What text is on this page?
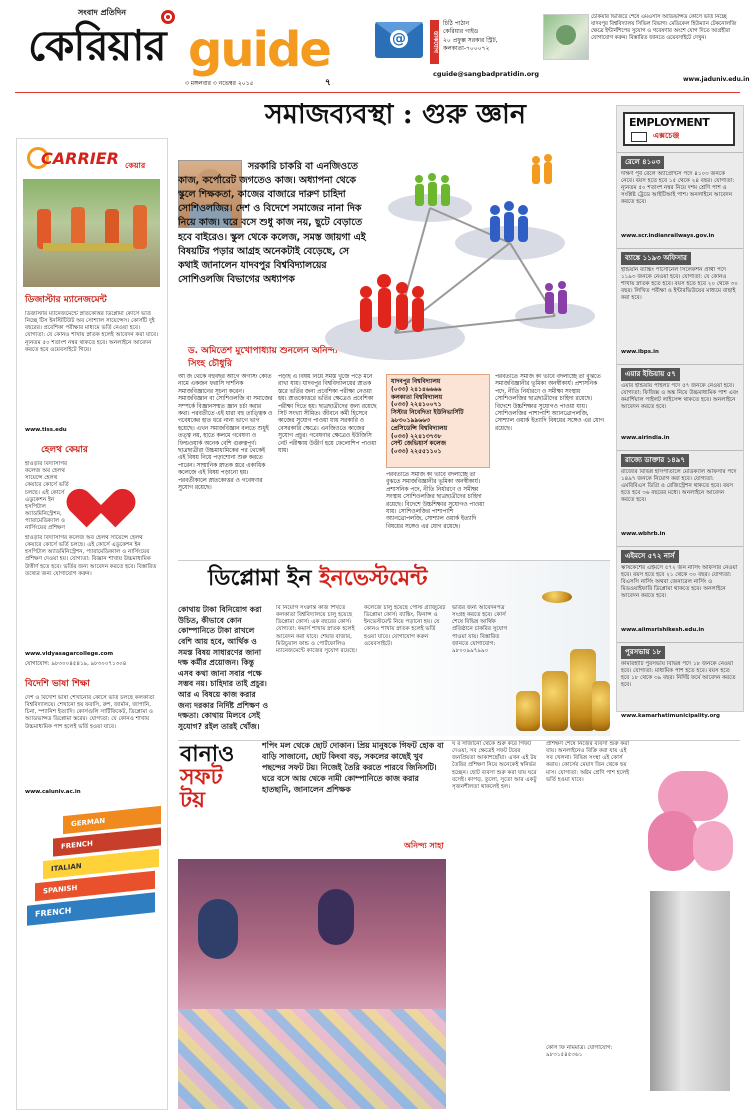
সংবাদ প্রতিদিন
কেরিয়ার guide
৩ ম়ঙ্গলবার ৩ নভেম্বর ২০১৫	৭
@	ডাকযোগ
চিঠি পাঠান
কেরিয়ার গাইড
২০ প্রফুল্ল সরকার স্ট্রিট,
কলকাতা-৭০০০৭২
cguide@sangbadpratidin.org
চেকিয়ার ভিজিটে শেষে এমএসসি অ্যাডভান্সড কোর্সে ভর্তি নিচ্ছে যাদবপুর বিশ্ববিদ্যালয় সিভিল বিভাগ। মেডিকেল হিউম্যান টেকনোলজি ক্ষেত্রে ইন্টার্নশিপের সুযোগ ও গবেষণার অংশে যোগ দিতে আগ্রহীরা যোগাযোগ করুন। বিস্তারিত জানতে ওয়েবসাইটে দেখুন।
www.jaduniv.edu.in
CARRIER কেয়ার
ডিজাস্টার ম্যানেজমেন্ট
ডিজাস্টার ম্যানেজমেন্টে স্নাতকোত্তর ডিপ্লোমা কোর্সে ভর্তি নিচ্ছে টিস ইনস্টিটিউট অব সোশ্যাল সায়েন্সেস। কোর্সটি দুই বছরের। প্রবেশিকা পরীক্ষার মাধ্যমে ভর্তি নেওয়া হবে। যোগ্যতা: যে কোনও শাখায় স্নাতক হলেই আবেদন করা যাবে। ন্যূনতম ৫০ শতাংশ নম্বর থাকতে হবে। অনলাইনে আবেদন করতে হবে ওয়েবসাইটে গিয়ে।
www.tiss.edu
হেলথ কেয়ার
হাওড়ার বিদ্যাসাগর কলেজ অব হেলথ সায়েন্সে হেলথ কেয়ারে কোর্সে ভর্তি চলছে। এই কোর্সে এডুকেশন ইন হসপিটাল অ্যাডমিনিস্ট্রেশন, প্যারামেডিক্যাল ও নার্সিংয়ের প্রশিক্ষণ
হাওড়ার বিদ্যাসাগর কলেজ অব হেলথ সায়েন্সে হেলথ কেয়ারে কোর্সে ভর্তি চলছে। এই কোর্সে এডুকেশন ইন হসপিটাল অ্যাডমিনিস্ট্রেশন, প্যারামেডিক্যাল ও নার্সিংয়ের প্রশিক্ষণ দেওয়া হয়। যোগ্যতা: বিজ্ঞান শাখায় উচ্চমাধ্যমিক উত্তীর্ণ হতে হবে। ভর্তির জন্য আবেদন করতে হবে। বিস্তারিত তথ্যের জন্য যোগাযোগ করুন।
www.vidyasagarcollege.com
যোগাযোগ: ৯৮৩০০৪৫৪১৯, ৯৮৩০০৭১৩০৪
বিদেশি ভাষা শিক্ষা
দেশ ও বিদেশি ভাষা শেখানোর কোর্সে ভর্তি চলছে কলকাতা বিশ্ববিদ্যালয়ে। শেখানো হয় ফরাসি, রুশ, জার্মান, জাপানি, চিনা, স্প্যানিশ ইত্যাদি। কোর্সগুলি সার্টিফিকেট, ডিপ্লোমা ও অ্যাডভান্সড ডিপ্লোমা স্তরের। যোগ্যতা: যে কোনও শাখায় উচ্চমাধ্যমিক পাশ হলেই ভর্তি হওয়া যাবে।
www.caluniv.ac.in
GERMAN
FRENCH
ITALIAN
SPANISH
FRENCH
সমাজব্যবস্থা : গুরু জ্ঞান
সরকারি চাকরি বা এনজিওতে কাজ, কর্পোরেট জগতেও কাজ। অধ্যাপনা থেকে স্কুলে শিক্ষকতা, কাজের বাজারে দারুণ চাহিদা সোশিওলজির। দেশ ও বিদেশে সমাজের নানা দিক নিয়ে কাজ। ঘরে বসে শুধু কাজ নয়, ছুটে বেড়াতে হবে বাইরেও। স্কুল থেকে কলেজ, সমস্ত জায়গা এই বিষয়টির পড়ার আগ্রহ অনেকটাই বেড়েছে, সে কথাই জানালেন যাদবপুর বিশ্ববিদ্যালয়ের সোশিওলজি বিভাগের অধ্যাপক
ড. অমিতেশ মুখোপাধ্যায় শুনলেন অনিন্দ্য সিংহ চৌধুরি
আ জ থেকে বহুবছর আগে অগাস্ট কোঁত নামে একজন ফরাসি দার্শনিক সমাজবিজ্ঞানের সূচনা করেন। সমাজবিজ্ঞান বা সোশিওলজি বা সমাজের সম্পর্কে বিজ্ঞানসম্মত জ্ঞান চর্চা করার কথা। পরবর্তীতে এই ধারা বহু তাত্ত্বিক ও গবেষকের হাত ধরে নানা ভাগে ভাগ হয়েছে। এখন সমাজবিজ্ঞান বলতে শুধুই তত্ত্ব নয়, হাতে কলমে গবেষণা ও ফিল্ডওয়ার্ক অনেক বেশি গুরুত্বপূর্ণ। ছাত্রছাত্রীরা উচ্চমাধ্যমিকের পর থেকেই এই বিষয় নিয়ে পড়াশোনা শুরু করতে পারেন। সাম্মানিক স্নাতক স্তরে একাধিক কলেজে এই বিষয় পড়ানো হয়। পরবর্তীকালে স্নাতকোত্তর ও গবেষণার সুযোগ রয়েছে।
পড়াই এ বিষয় নিয়ে সমস্ত খুঁজে পড়ে মনে রাখা যায়। যাদবপুর বিশ্ববিদ্যালয়ের স্নাতক স্তরে ভর্তির জন্য প্রবেশিকা পরীক্ষা নেওয়া হয়। স্নাতকোত্তরে ভর্তির ক্ষেত্রেও প্রবেশিকা পরীক্ষা দিতে হয়। ছাত্রছাত্রীদের জন্য রয়েছে সিট সংখ্যা সীমিত। জীবনে কর্মী হিসেবে কাজের সুযোগ পাওয়া যায় সরকারি ও বেসরকারি ক্ষেত্রে। এনজিওতে কাজের সুযোগ প্রচুর। গবেষণার ক্ষেত্রেও ইউজিসি নেট পরীক্ষায় উত্তীর্ণ হয়ে ফেলোশিপ পাওয়া যায়।
যাদবপুর বিশ্ববিদ্যালয়
(০৩৩) ২৪১৪৬৬৬৬
কলকাতা বিশ্ববিদ্যালয়
(০৩৩) ২২৪১০০৭১
সিস্টার নিবেদিতা ইউনিভার্সিটি
৯৮৩০১৯৯৬৬৩
প্রেসিডেন্সি বিশ্ববিদ্যালয়
(০৩৩) ২২৪১৩৭৩৮
সেন্ট জেভিয়ার্স কলেজ
(০৩৩) ২২৫৫১১০১
পরবর্তীতে সমাজ কী ভাবে বদলাচ্ছে তা বুঝতে সমাজবিজ্ঞানীর ভূমিকা অনস্বীকার্য। প্রশাসনিক পদে, নীতি নির্ধারণে ও সমীক্ষা সংস্থায় সোশিওলজির ছাত্রছাত্রীদের চাহিদা রয়েছে। বিদেশে উচ্চশিক্ষার সুযোগও পাওয়া যায়। সোশিওলজির পাশাপাশি অ্যানথ্রোপলজি, সোশ্যাল ওয়ার্ক ইত্যাদি বিষয়ের সঙ্গেও এর যোগ রয়েছে।
পরবর্তীতে সমাজ কী ভাবে বদলাচ্ছে তা বুঝতে সমাজবিজ্ঞানীর ভূমিকা অনস্বীকার্য। প্রশাসনিক পদে, নীতি নির্ধারণে ও সমীক্ষা সংস্থায় সোশিওলজির ছাত্রছাত্রীদের চাহিদা রয়েছে। বিদেশে উচ্চশিক্ষার সুযোগও পাওয়া যায়। সোশিওলজির পাশাপাশি অ্যানথ্রোপলজি, সোশ্যাল ওয়ার্ক ইত্যাদি বিষয়ের সঙ্গেও এর যোগ রয়েছে।
EMPLOYMENT
এক্সচেঞ্জ
রেলে ৪১০৩
দক্ষিণ পূর্ব রেলে অ্যাপ্রেন্টিস পদে ৪১০৩ জনকে নেবে। বয়স হতে হবে ১৫ থেকে ২৪ বছর। যোগ্যতা: ন্যূনতম ৫০ শতাংশ নম্বর নিয়ে দশম শ্রেণি পাশ ও সংশ্লিষ্ট ট্রেডে আইটিআই পাশ। অনলাইনে আবেদন করতে হবে।
www.scr.indianrailways.gov.in
ব্যাঙ্কে ১১৯৩ অফিসার
ইন্ডিয়ান ব্যাঙ্কিং পার্সোনেল সিলেকশন প্রার্থী পদে ১১৯৩ জনকে নেওয়া হবে। যোগ্যতা: যে কোনও শাখায় স্নাতক হতে হবে। বয়স হতে হবে ২০ থেকে ৩০ বছর। লিখিত পরীক্ষা ও ইন্টারভিউয়ের মাধ্যমে বাছাই করা হবে।
www.ibps.in
এয়ার ইন্ডিয়ায় ৫৭
এয়ার ইন্ডিয়ায় পাইলট পদে ৫৭ জনকে নেওয়া হবে। যোগ্যতা: ফিজিক্স ও অঙ্ক নিয়ে উচ্চমাধ্যমিক পাশ এবং কমার্শিয়াল পাইলট লাইসেন্স থাকতে হবে। অনলাইনে আবেদন করতে হবে।
www.airindia.in
রাজ্যে ডাক্তার ১৪৯৭
রাজ্যের বিভিন্ন হাসপাতালে মেডিক্যাল অফিসার পদে ১৪৯৭ জনকে নিয়োগ করা হবে। যোগ্যতা: এমবিবিএস ডিগ্রি ও রেজিস্ট্রেশন থাকতে হবে। বয়স হতে হবে ৩৬ বছরের মধ্যে। অনলাইনে আবেদন করতে হবে।
www.wbhrb.in
এইমসে ৫৭২ নার্স
ঋষিকেশের এইমসে ৫৭২ জন নার্সিং অফিসার নেওয়া হবে। বয়স হতে হবে ২১ থেকে ৩০ বছর। যোগ্যতা: বিএসসি নার্সিং অথবা জেনারেল নার্সিং ও মিডওয়াইফারি ডিপ্লোমা থাকতে হবে। অনলাইনে আবেদন করতে হবে।
www.aiimsrishikesh.edu.in
পুরসভায় ১৮
কামারহাটি পুরসভায় বিভিন্ন পদে ১৮ জনকে নেওয়া হবে। যোগ্যতা: মাধ্যমিক পাশ হতে হবে। বয়স হতে হবে ১৮ থেকে ৩৯ বছর। নির্দিষ্ট ফর্মে আবেদন করতে হবে।
www.kamarhatimunicipality.org
ডিপ্লোমা ইন ইনভেস্টমেন্ট
কোথায় টাকা বিনিয়োগ করা উচিত, কীভাবে কোন কোম্পানিতে টাকা রাখলে বেশি আয় হবে, আর্থিক ও সমস্ত বিষয় সাধারণের জানা দক্ষ কর্মীর প্রয়োজন। কিন্তু এসব কথা জানা সবার পক্ষে সম্ভব নয়। চাহিদার তাই প্রচুর। আর এ বিষয়ে কাজ করার জন্য দরকার নির্দিষ্ট প্রশিক্ষণ ও দক্ষতা। কোথায় মিলবে সেই সুযোগ? রইল তারই খোঁজ।
বি নিয়োগ সংক্রান্ত কাজ শিখতে কলকাতা বিশ্ববিদ্যালয়ে চালু হয়েছে ডিপ্লোমা কোর্স। এক বছরের কোর্স। যোগ্যতা: কমার্স শাখায় স্নাতক হলেই আবেদন করা যাবে। শেয়ার বাজার, মিউচুয়াল ফান্ড ও পোর্টফোলিও ম্যানেজমেন্টে কাজের সুযোগ রয়েছে।
কলেজে চালু হয়েছে পোস্ট গ্র্যাজুয়েট ডিপ্লোমা কোর্স। ব্যাঙ্কিং, ফিনান্স ও ইনভেস্টমেন্ট নিয়ে পড়ানো হয়। যে কোনও শাখায় স্নাতক হলেই ভর্তি হওয়া যাবে। যোগাযোগ করুন ওয়েবসাইটে।
ভর্তির জন্য আবেদনপত্র সংগ্রহ করতে হবে। কোর্স শেষে বিভিন্ন আর্থিক প্রতিষ্ঠানে চাকরির সুযোগ পাওয়া যায়। বিস্তারিত জানতে যোগাযোগ: ৯৮০০৯৯৭৯৯০
বানাও
সফট
টয়
শপিং মল থেকে ছোট দোকান। প্রিয় মানুষকে গিফট হোক বা বাড়ি সাজানো, ছোট কিংবা বড়, সকলের কাছেই খুব পছন্দের সফট টয়। নিজেই তৈরি করতে পারবে জিনিসটি। ঘরে বসে আয় থেকে নামী কোম্পানিতে কাজ করার হাতছানি, জানালেন প্রশিক্ষক
অনিন্দ্য সাহা
ঘ র সাজানো থেকে শুরু করে গিফট দেওয়া, সব ক্ষেত্রেই সফট টয়ের জনপ্রিয়তা আকাশছোঁয়া। এখন এই টয় তৈরির প্রশিক্ষণ নিয়ে অনেকেই স্বনির্ভর হচ্ছেন। ছোট ব্যবসা শুরু করা যায় ঘরে বসেই। কাপড়, তুলো, সুতো আর একটু সৃজনশীলতা থাকলেই হল।
প্রশিক্ষণ শেষে নিজের ব্যবসা শুরু করা যায়। অনলাইনেও বিক্রি করা যায় এই সব খেলনা। বিভিন্ন সংস্থা এই কোর্স করায়। কোর্সের মেয়াদ তিন থেকে ছয় মাস। যোগ্যতা: অষ্টম শ্রেণি পাশ হলেই ভর্তি হওয়া যাবে।
কোর্স ফি নামমাত্র। যোগাযোগ: ৯৮৩১৫৪৫৩৬১
